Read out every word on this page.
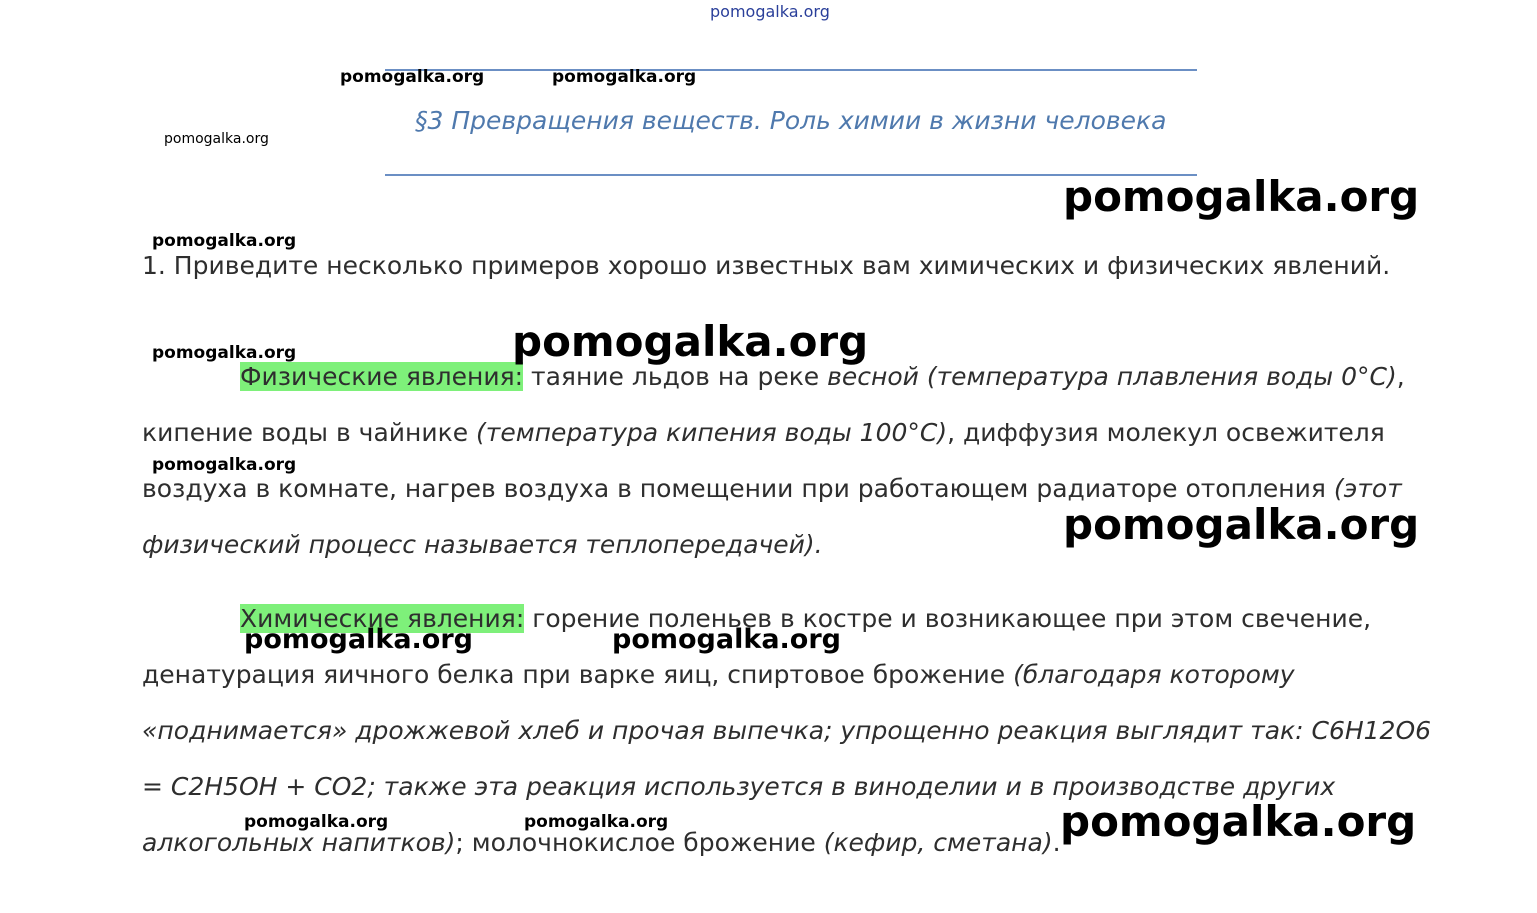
pomogalka.org
§3 Превращения веществ. Роль химии в жизни человека
1. Приведите несколько примеров хорошо известных вам химических и физических явлений.
Физические явления: таяние льдов на реке весной (температура плавления воды 0°C),
кипение воды в чайнике (температура кипения воды 100°C), диффузия молекул освежителя
воздуха в комнате, нагрев воздуха в помещении при работающем радиаторе отопления (этот
физический процесс называется теплопередачей).
Химические явления: горение поленьев в костре и возникающее при этом свечение,
денатурация яичного белка при варке яиц, спиртовое брожение (благодаря которому
«поднимается» дрожжевой хлеб и прочая выпечка; упрощенно реакция выглядит так: C6H12O6
= C2H5OH + CO2; также эта реакция используется в виноделии и в производстве других
алкогольных напитков); молочнокислое брожение (кефир, сметана).
pomogalka.org	pomogalka.org
pomogalka.org
pomogalka.org
pomogalka.org
pomogalka.org	pomogalka.org
pomogalka.org
pomogalka.org
pomogalka.org	pomogalka.org
pomogalka.org	pomogalka.org	pomogalka.org
